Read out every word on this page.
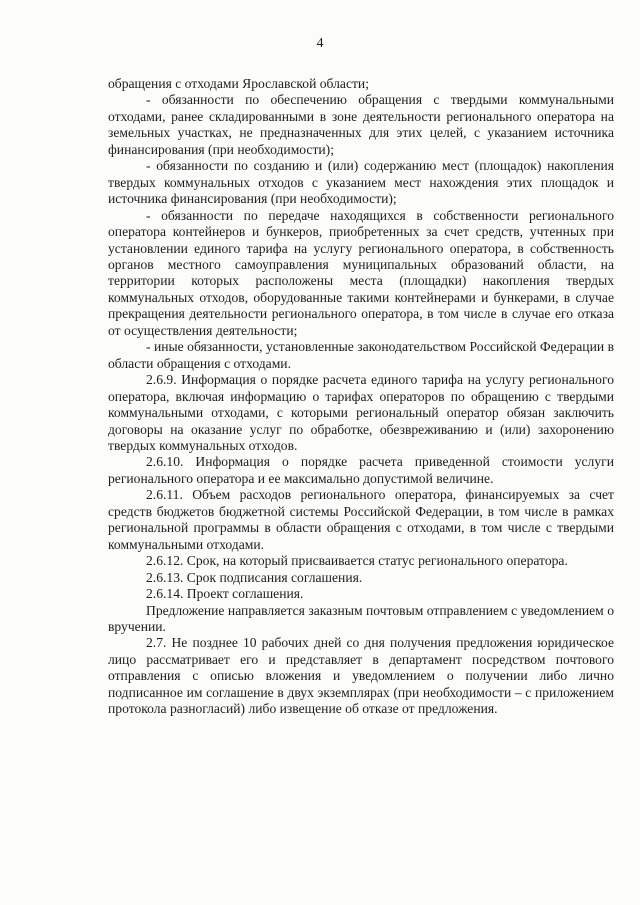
4

обращения с отходами Ярославской области;

- обязанности по обеспечению обращения с твердыми коммунальными отходами, ранее складированными в зоне деятельности регионального оператора на земельных участках, не предназначенных для этих целей, с указанием источника финансирования (при необходимости);

- обязанности по созданию и (или) содержанию мест (площадок) накопления твердых коммунальных отходов с указанием мест нахождения этих площадок и источника финансирования (при необходимости);

- обязанности по передаче находящихся в собственности регионального оператора контейнеров и бункеров, приобретенных за счет средств, учтенных при установлении единого тарифа на услугу регионального оператора, в собственность органов местного самоуправления муниципальных образований области, на территории которых расположены места (площадки) накопления твердых коммунальных отходов, оборудованные такими контейнерами и бункерами, в случае прекращения деятельности регионального оператора, в том числе в случае его отказа от осуществления деятельности;

- иные обязанности, установленные законодательством Российской Федерации в области обращения с отходами.

2.6.9. Информация о порядке расчета единого тарифа на услугу регионального оператора, включая информацию о тарифах операторов по обращению с твердыми коммунальными отходами, с которыми региональный оператор обязан заключить договоры на оказание услуг по обработке, обезвреживанию и (или) захоронению твердых коммунальных отходов.

2.6.10. Информация о порядке расчета приведенной стоимости услуги регионального оператора и ее максимально допустимой величине.

2.6.11. Объем расходов регионального оператора, финансируемых за счет средств бюджетов бюджетной системы Российской Федерации, в том числе в рамках региональной программы в области обращения с отходами, в том числе с твердыми коммунальными отходами.

2.6.12. Срок, на который присваивается статус регионального оператора.

2.6.13. Срок подписания соглашения.

2.6.14. Проект соглашения.

Предложение направляется заказным почтовым отправлением с уведомлением о вручении.

2.7. Не позднее 10 рабочих дней со дня получения предложения юридическое лицо рассматривает его и представляет в департамент посредством почтового отправления с описью вложения и уведомлением о получении либо лично подписанное им соглашение в двух экземплярах (при необходимости – с приложением протокола разногласий) либо извещение об отказе от предложения.
